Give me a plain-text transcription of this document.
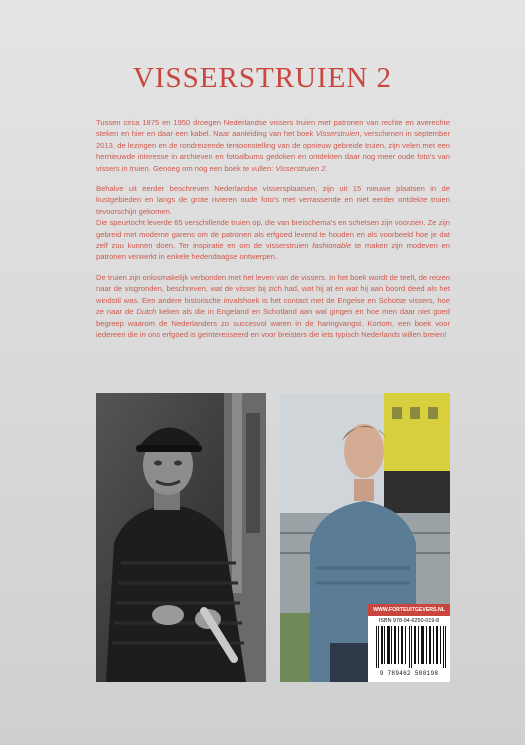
VISSERSTRUIEN 2

Tussen circa 1875 en 1950 droegen Nederlandse vissers truien met patronen van rechte en averechte steken en hier en daar een kabel. Naar aanleiding van het boek Visserstruien, verschenen in september 2013, de lezingen en de rondreizende tentoonstelling van de opnieuw gebreide truien, zijn velen met een hernieuwde interesse in archieven en fotoalbums gedoken en ontdekten daar nog meer oude foto's van vissers in truien. Genoeg om nog een boek te vullen: Visserstruien 2.

Behalve uit eerder beschreven Nederlandse vissersplaatsen, zijn uit 15 nieuwe plaatsen in de kustgebieden en langs de grote rivieren oude foto's met verrassende en niet eerder ontdekte truien tevoorschijn gekomen.

Die speurtocht leverde 65 verschillende truien op, die van breischema's en schetsen zijn voorzien. Ze zijn gebreid met moderne garens om de patronen als erfgoed levend te houden en als voorbeeld hoe je dat zelf zou kunnen doen. Ter inspiratie en om de visserstruien fashionable te maken zijn modeven en patronen verwerkt in enkele hedendaagse ontwerpen.

De truien zijn onlosmakelijk verbonden met het leven van de vissers. In het boek wordt de teelt, de reizen naar de visgronden, beschreven, wat de visser bij zich had, wat hij at en wat hij aan boord deed als het windstil was. Een andere historische invalshoek is het contact met de Engelse en Schotse vissers, hoe ze naar de Dutch keken als die in Engeland en Schotland aan wal gingen en hoe men daar niet goed begreep waarom de Nederlanders zo succesvol waren in de haringvangst. Kortom, een boek voor iedereen die in ons erfgoed is geïnteresseerd en voor breisters die iets typisch Nederlands willen breien!

WWW.FORTEUITGEVERS.NL
ISBN 978-94-6250-019-8
9 789462 500198
